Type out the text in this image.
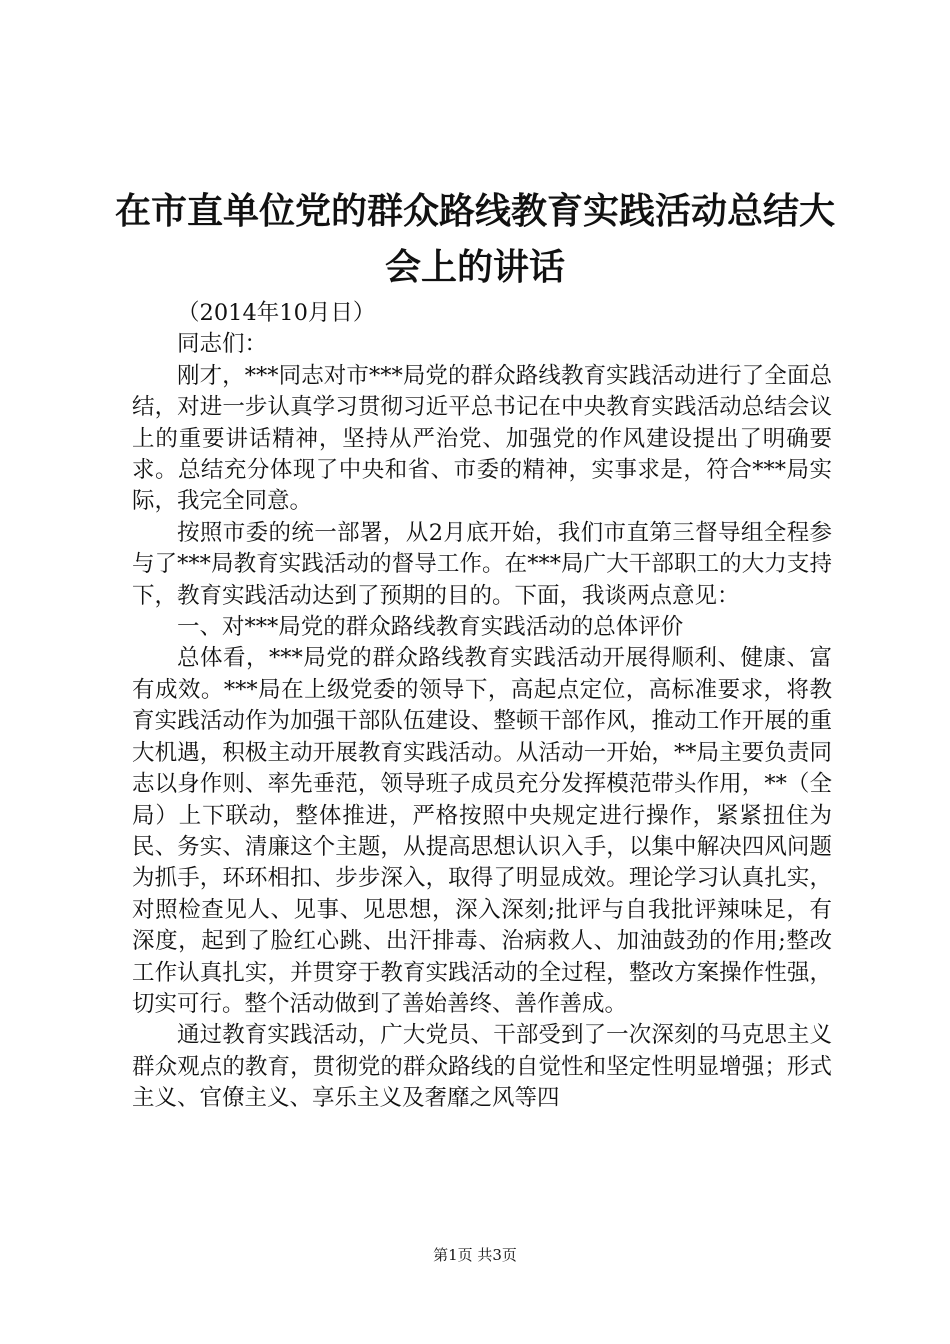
在市直单位党的群众路线教育实践活动总结大会上的讲话

（2014年10月日）

同志们：

刚才，***同志对市***局党的群众路线教育实践活动进行了全面总结，对进一步认真学习贯彻习近平总书记在中央教育实践活动总结会议上的重要讲话精神，坚持从严治党、加强党的作风建设提出了明确要求。总结充分体现了中央和省、市委的精神，实事求是，符合***局实际，我完全同意。

按照市委的统一部署，从2月底开始，我们市直第三督导组全程参与了***局教育实践活动的督导工作。在***局广大干部职工的大力支持下，教育实践活动达到了预期的目的。下面，我谈两点意见：

一、对***局党的群众路线教育实践活动的总体评价

总体看，***局党的群众路线教育实践活动开展得顺利、健康、富有成效。***局在上级党委的领导下，高起点定位，高标准要求，将教育实践活动作为加强干部队伍建设、整顿干部作风，推动工作开展的重大机遇，积极主动开展教育实践活动。从活动一开始，**局主要负责同志以身作则、率先垂范，领导班子成员充分发挥模范带头作用，**（全局）上下联动，整体推进，严格按照中央规定进行操作，紧紧扭住为民、务实、清廉这个主题，从提高思想认识入手，以集中解决四风问题为抓手，环环相扣、步步深入，取得了明显成效。理论学习认真扎实，对照检查见人、见事、见思想，深入深刻;批评与自我批评辣味足，有深度，起到了脸红心跳、出汗排毒、治病救人、加油鼓劲的作用;整改工作认真扎实，并贯穿于教育实践活动的全过程，整改方案操作性强，切实可行。整个活动做到了善始善终、善作善成。

通过教育实践活动，广大党员、干部受到了一次深刻的马克思主义群众观点的教育，贯彻党的群众路线的自觉性和坚定性明显增强；形式主义、官僚主义、享乐主义及奢靡之风等四

第1页 共3页
